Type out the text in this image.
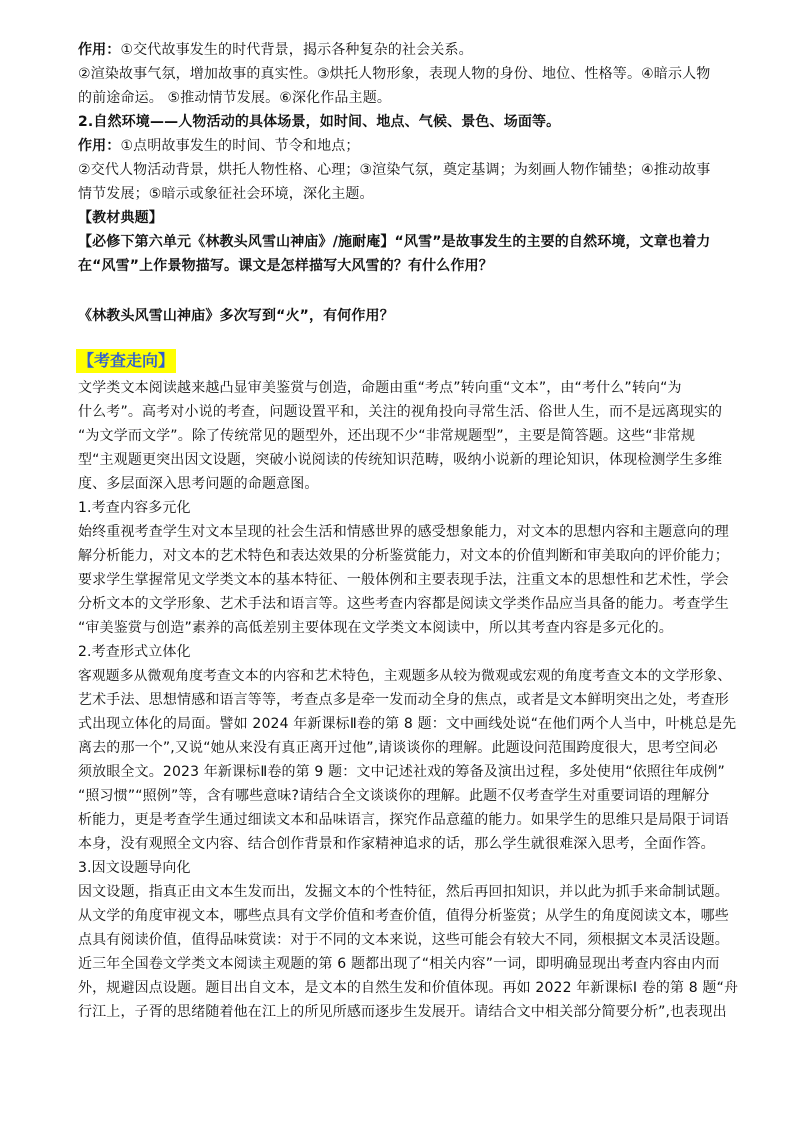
作用：①交代故事发生的时代背景，揭示各种复杂的社会关系。
②渲染故事气氛，增加故事的真实性。③烘托人物形象，表现人物的身份、地位、性格等。④暗示人物
的前途命运。 ⑤推动情节发展。⑥深化作品主题。
2.自然环境——人物活动的具体场景，如时间、地点、气候、景色、场面等。
作用：①点明故事发生的时间、节令和地点；
②交代人物活动背景，烘托人物性格、心理；③渲染气氛，奠定基调；为刻画人物作铺垫；④推动故事
情节发展；⑤暗示或象征社会环境，深化主题。
【教材典题】
【必修下第六单元《林教头风雪山神庙》/施耐庵】“风雪”是故事发生的主要的自然环境，文章也着力
在“风雪”上作景物描写。课文是怎样描写大风雪的？有什么作用？
《林教头风雪山神庙》多次写到“火”，有何作用？
【考查走向】
文学类文本阅读越来越凸显审美鉴赏与创造，命题由重“考点”转向重“文本”，由“考什么”转向“为
什么考”。高考对小说的考查，问题设置平和，关注的视角投向寻常生活、俗世人生，而不是远离现实的
“为文学而文学”。除了传统常见的题型外，还出现不少“非常规题型”，主要是简答题。这些“非常规
型“主观题更突出因文设题，突破小说阅读的传统知识范畴，吸纳小说新的理论知识，体现检测学生多维
度、多层面深入思考问题的命题意图。
1.考查内容多元化
始终重视考查学生对文本呈现的社会生活和情感世界的感受想象能力，对文本的思想内容和主题意向的理
解分析能力，对文本的艺术特色和表达效果的分析鉴赏能力，对文本的价值判断和审美取向的评价能力；
要求学生掌握常见文学类文本的基本特征、一般体例和主要表现手法，注重文本的思想性和艺术性，学会
分析文本的文学形象、艺术手法和语言等。这些考查内容都是阅读文学类作品应当具备的能力。考查学生
“审美鉴赏与创造”素养的高低差别主要体现在文学类文本阅读中，所以其考查内容是多元化的。
2.考查形式立体化
客观题多从微观角度考查文本的内容和艺术特色，主观题多从较为微观或宏观的角度考查文本的文学形象、
艺术手法、思想情感和语言等等，考查点多是牵一发而动全身的焦点，或者是文本鲜明突出之处，考查形
式出现立体化的局面。譬如 2024 年新课标Ⅱ卷的第 8 题：文中画线处说“在他们两个人当中，叶桃总是先
离去的那一个”,又说“她从来没有真正离开过他”,请谈谈你的理解。此题设问范围跨度很大，思考空间必
须放眼全文。2023 年新课标Ⅱ卷的第 9 题：文中记述社戏的筹备及演出过程，多处使用“依照往年成例”
“照习惯”“照例”等，含有哪些意味?请结合全文谈谈你的理解。此题不仅考查学生对重要词语的理解分
析能力，更是考查学生通过细读文本和品味语言，探究作品意蕴的能力。如果学生的思维只是局限于词语
本身，没有观照全文内容、结合创作背景和作家精神追求的话，那么学生就很难深入思考，全面作答。
3.因文设题导向化
因文设题，指真正由文本生发而出，发掘文本的个性特征，然后再回扣知识，并以此为抓手来命制试题。
从文学的角度审视文本，哪些点具有文学价值和考查价值，值得分析鉴赏；从学生的角度阅读文本，哪些
点具有阅读价值，值得品味赏读：对于不同的文本来说，这些可能会有较大不同，须根据文本灵活设题。
近三年全国卷文学类文本阅读主观题的第 6 题都出现了“相关内容”一词，即明确显现出考查内容由内而
外，规避因点设题。题目出自文本，是文本的自然生发和价值体现。再如 2022 年新课标Ⅰ 卷的第 8 题“舟
行江上，子胥的思绪随着他在江上的所见所感而逐步生发展开。请结合文中相关部分简要分析”,也表现出
